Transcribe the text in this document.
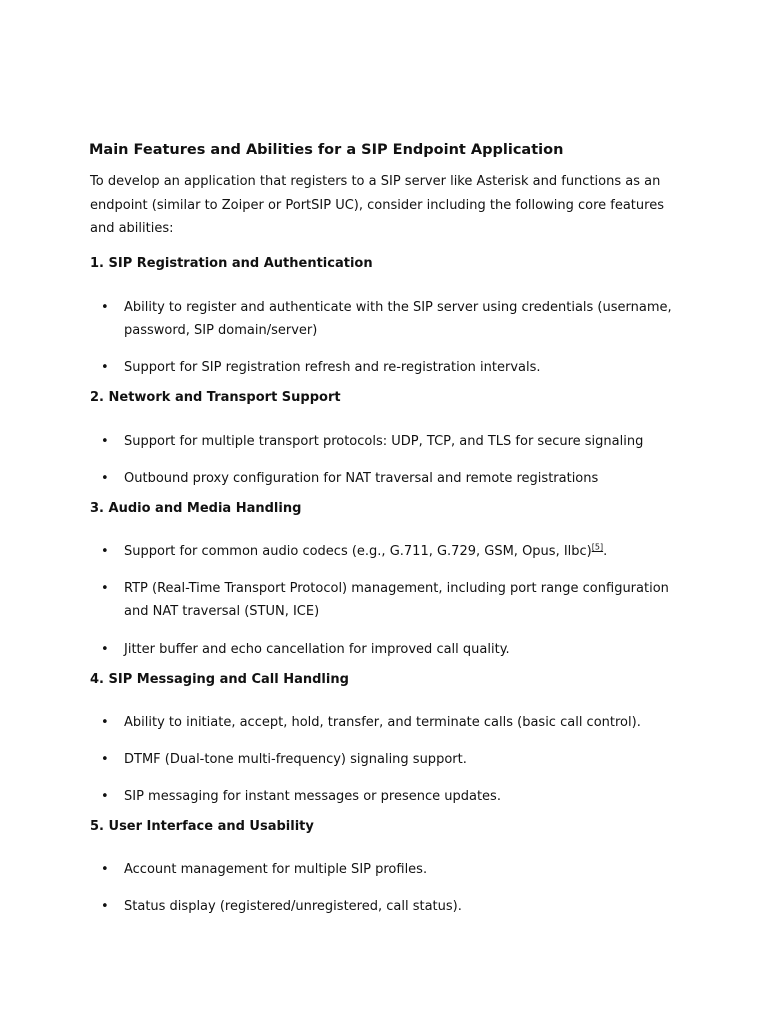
Main Features and Abilities for a SIP Endpoint Application
To develop an application that registers to a SIP server like Asterisk and functions as an endpoint (similar to Zoiper or PortSIP UC), consider including the following core features and abilities:
1. SIP Registration and Authentication
• Ability to register and authenticate with the SIP server using credentials (username, password, SIP domain/server)
• Support for SIP registration refresh and re-registration intervals.
2. Network and Transport Support
• Support for multiple transport protocols: UDP, TCP, and TLS for secure signaling
• Outbound proxy configuration for NAT traversal and remote registrations
3. Audio and Media Handling
• Support for common audio codecs (e.g., G.711, G.729, GSM, Opus, Ilbc)[5].
• RTP (Real-Time Transport Protocol) management, including port range configuration and NAT traversal (STUN, ICE)
• Jitter buffer and echo cancellation for improved call quality.
4. SIP Messaging and Call Handling
• Ability to initiate, accept, hold, transfer, and terminate calls (basic call control).
• DTMF (Dual-tone multi-frequency) signaling support.
• SIP messaging for instant messages or presence updates.
5. User Interface and Usability
• Account management for multiple SIP profiles.
• Status display (registered/unregistered, call status).
